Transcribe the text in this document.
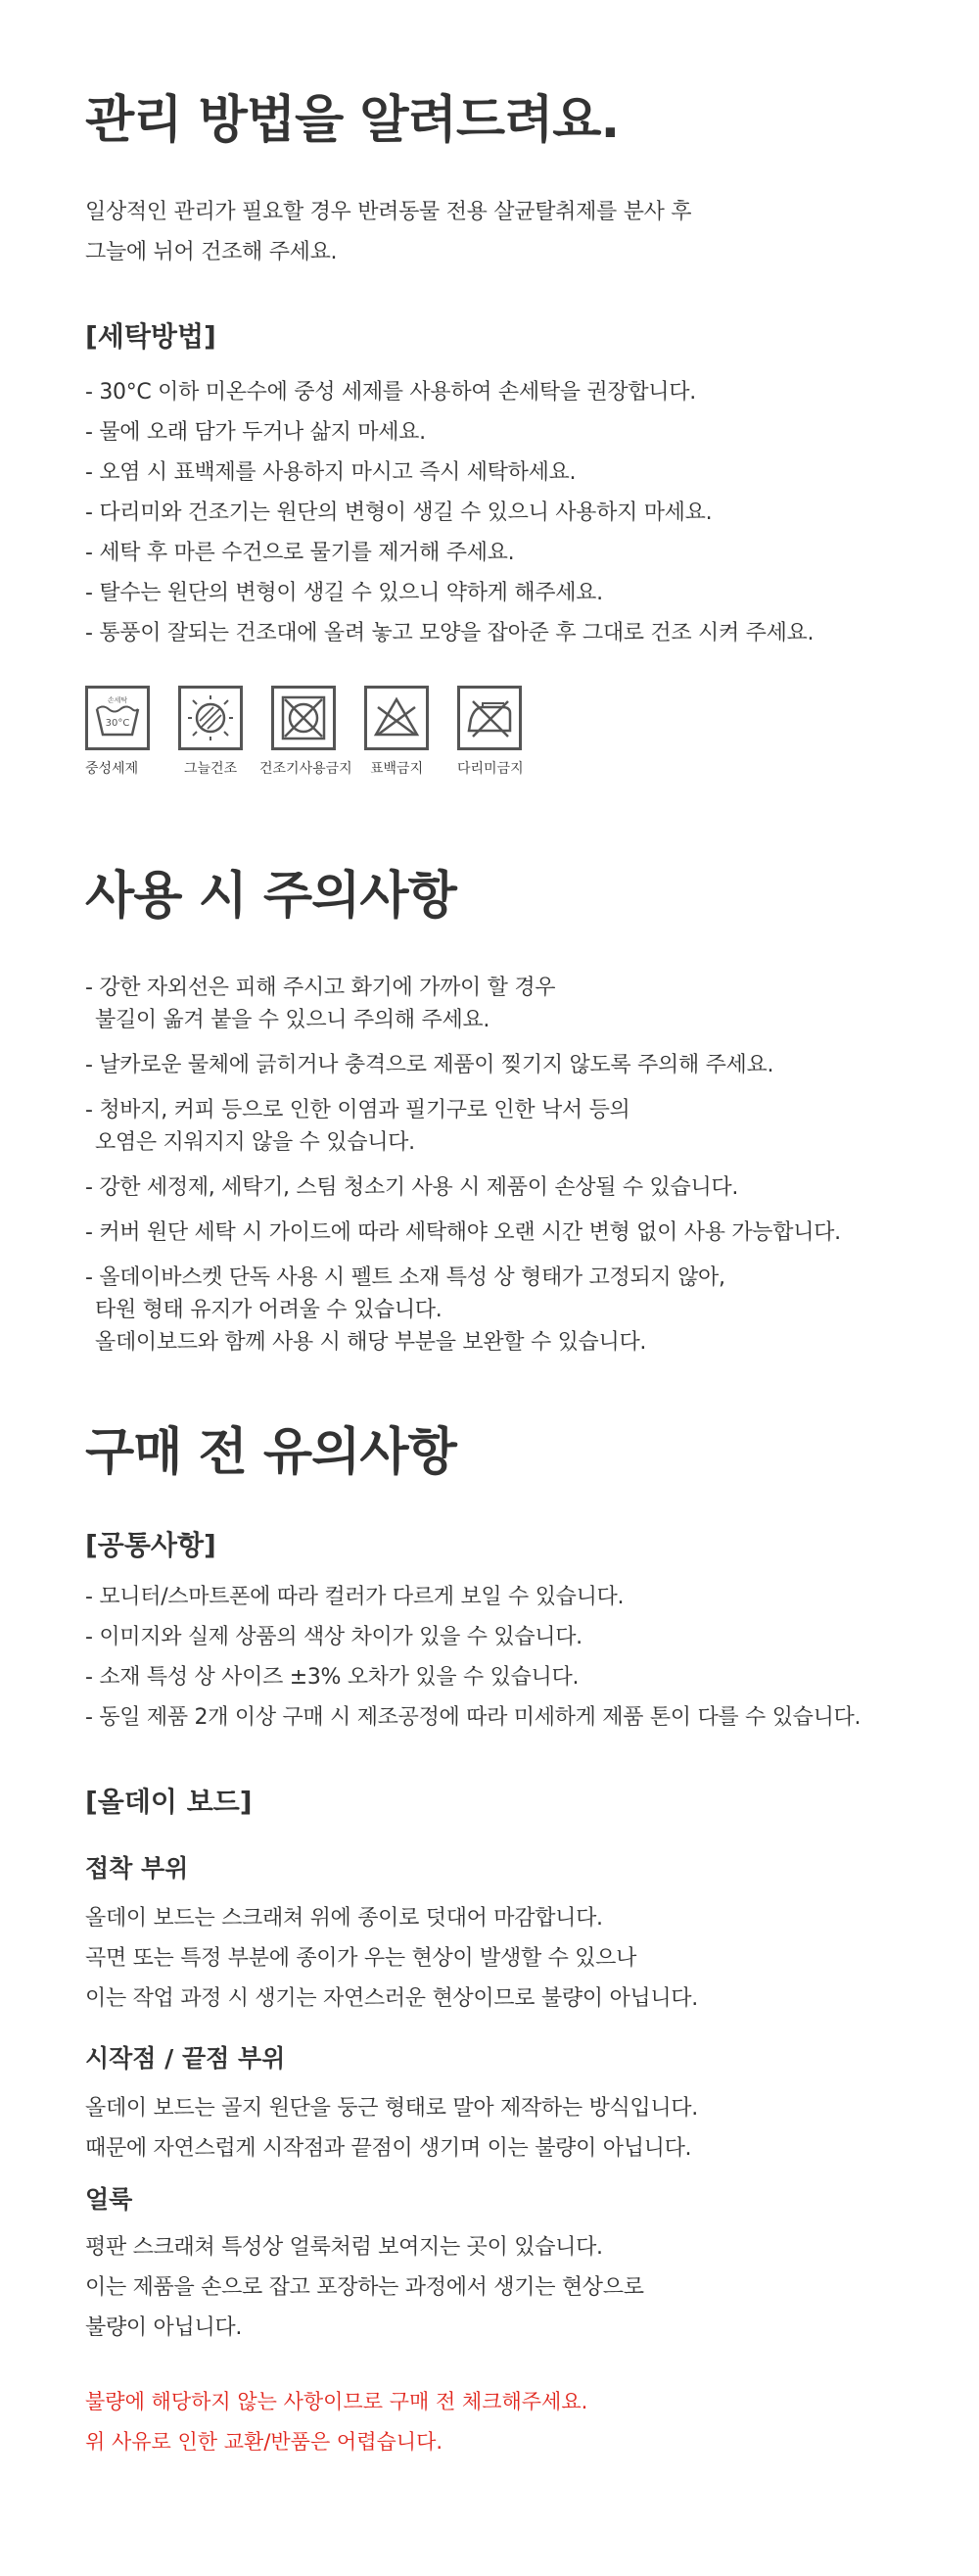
관리 방법을 알려드려요.

일상적인 관리가 필요할 경우 반려동물 전용 살균탈취제를 분사 후

그늘에 뉘어 건조해 주세요.

[세탁방법]
- 30°C 이하 미온수에 중성 세제를 사용하여 손세탁을 권장합니다.
- 물에 오래 담가 두거나 삶지 마세요.
- 오염 시 표백제를 사용하지 마시고 즉시 세탁하세요.
- 다리미와 건조기는 원단의 변형이 생길 수 있으니 사용하지 마세요.
- 세탁 후 마른 수건으로 물기를 제거해 주세요.
- 탈수는 원단의 변형이 생길 수 있으니 약하게 해주세요.
- 통풍이 잘되는 건조대에 올려 놓고 모양을 잡아준 후 그대로 건조 시켜 주세요.
손세탁
30°C
중성세제	그늘건조	건조기사용금지	표백금지	다리미금지
사용 시 주의사항
- 강한 자외선은 피해 주시고 화기에 가까이 할 경우
불길이 옮겨 붙을 수 있으니 주의해 주세요.
- 날카로운 물체에 긁히거나 충격으로 제품이 찢기지 않도록 주의해 주세요.
- 청바지, 커피 등으로 인한 이염과 필기구로 인한 낙서 등의
오염은 지워지지 않을 수 있습니다.
- 강한 세정제, 세탁기, 스팀 청소기 사용 시 제품이 손상될 수 있습니다.
- 커버 원단 세탁 시 가이드에 따라 세탁해야 오랜 시간 변형 없이 사용 가능합니다.
- 올데이바스켓 단독 사용 시 펠트 소재 특성 상 형태가 고정되지 않아,
타원 형태 유지가 어려울 수 있습니다.
올데이보드와 함께 사용 시 해당 부분을 보완할 수 있습니다.
구매 전 유의사항
[공통사항]
- 모니터/스마트폰에 따라 컬러가 다르게 보일 수 있습니다.
- 이미지와 실제 상품의 색상 차이가 있을 수 있습니다.
- 소재 특성 상 사이즈 ±3% 오차가 있을 수 있습니다.
- 동일 제품 2개 이상 구매 시 제조공정에 따라 미세하게 제품 톤이 다를 수 있습니다.
[올데이 보드]
접착 부위

올데이 보드는 스크래쳐 위에 종이로 덧대어 마감합니다.

곡면 또는 특정 부분에 종이가 우는 현상이 발생할 수 있으나

이는 작업 과정 시 생기는 자연스러운 현상이므로 불량이 아닙니다.

시작점 / 끝점 부위

올데이 보드는 골지 원단을 둥근 형태로 말아 제작하는 방식입니다.

때문에 자연스럽게 시작점과 끝점이 생기며 이는 불량이 아닙니다.

얼룩

평판 스크래쳐 특성상 얼룩처럼 보여지는 곳이 있습니다.

이는 제품을 손으로 잡고 포장하는 과정에서 생기는 현상으로

불량이 아닙니다.

불량에 해당하지 않는 사항이므로 구매 전 체크해주세요.

위 사유로 인한 교환/반품은 어렵습니다.
